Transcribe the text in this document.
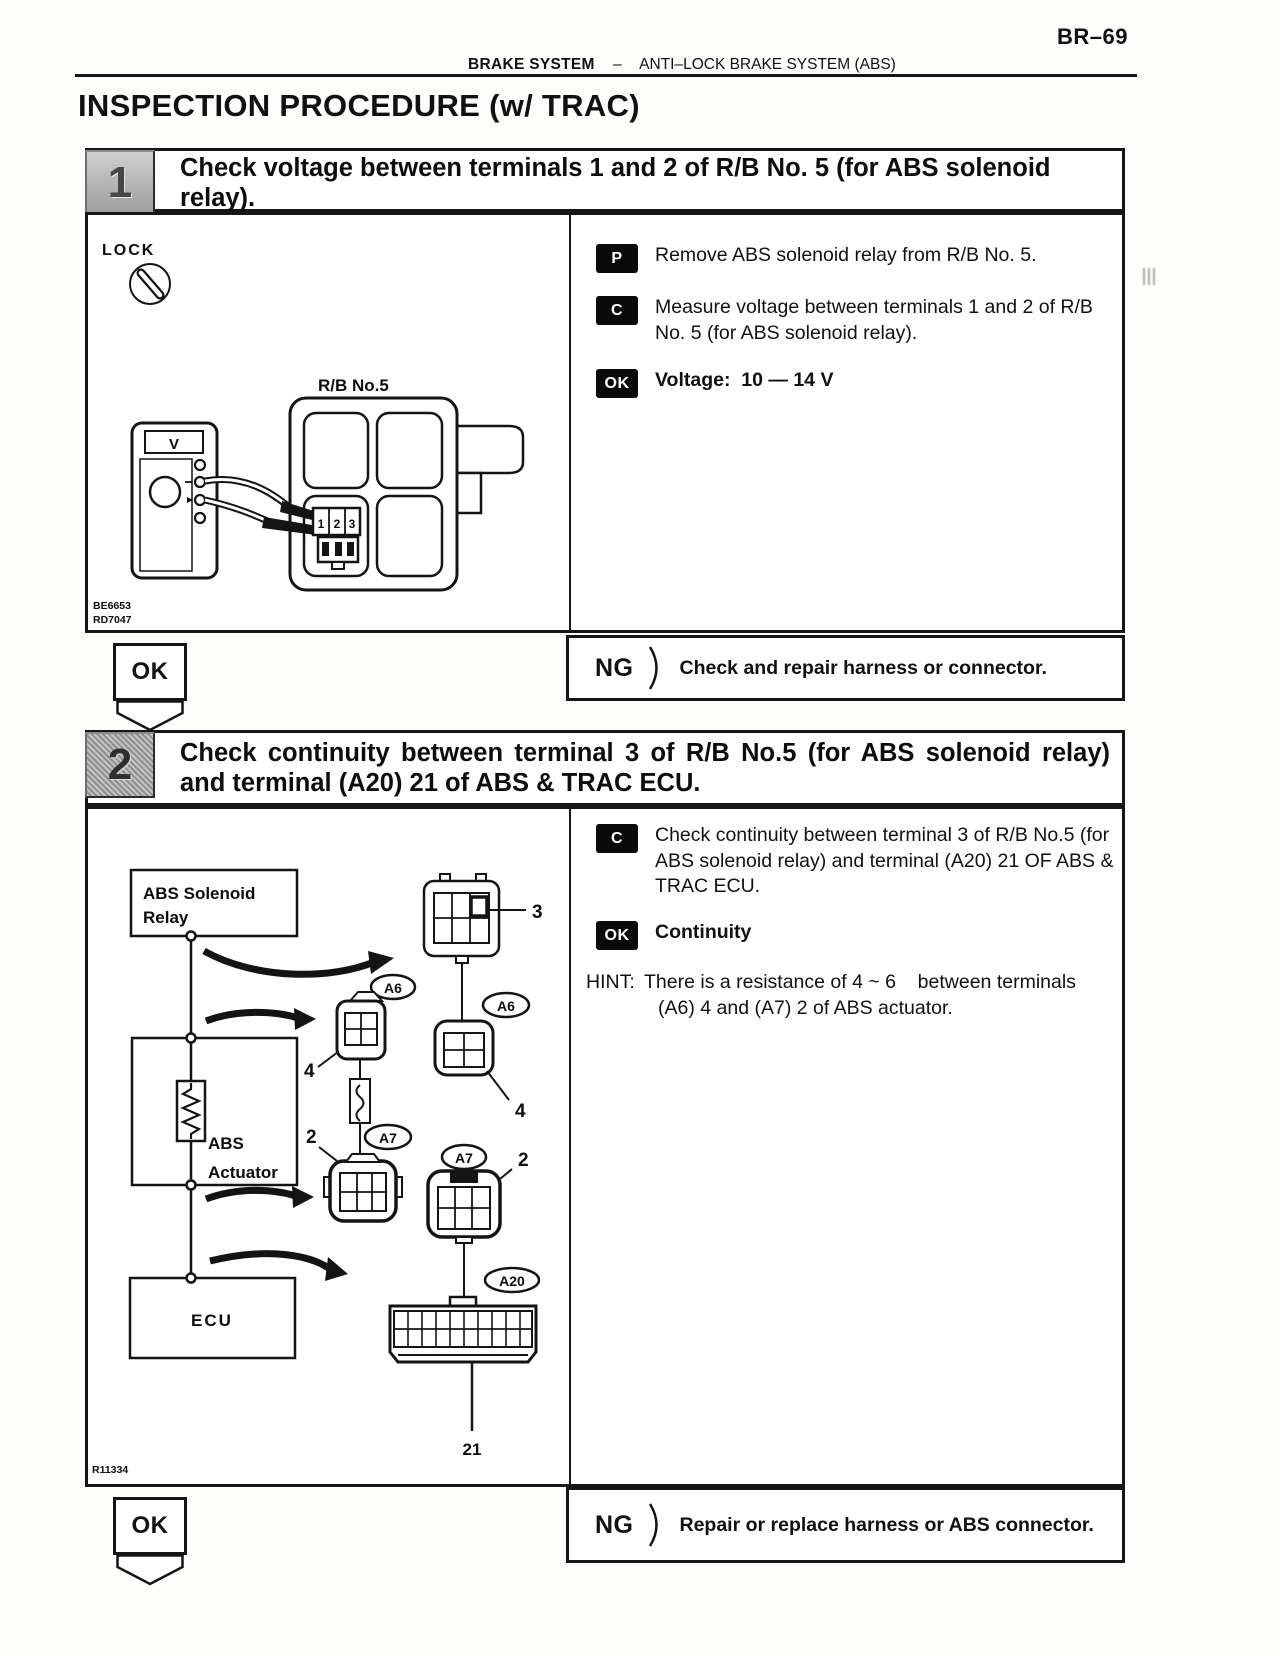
BR–69
BRAKE SYSTEM – ANTI–LOCK BRAKE SYSTEM (ABS)
INSPECTION PROCEDURE (w/ TRAC)
Check voltage between terminals 1 and 2 of R/B No. 5 (for ABS solenoid relay).
1
LOCK
R/B No.5
V
1 2 3
BE6653
RD7047
P	Remove ABS solenoid relay from R/B No. 5.
C	Measure voltage between terminals 1 and 2 of R/B No. 5 (for ABS solenoid relay).
OK	Voltage:  10 — 14 V
OK	NG Check and repair harness or connector.
Check continuity between terminal 3 of R/B No.5 (for ABS solenoid relay) and terminal (A20) 21 of ABS & TRAC ECU.
2
ABS Solenoid
Relay
ABS
Actuator
ECU
3
A6
4
A6
4
A7
2
A7 2
A20
21
R11334
C	Check continuity between terminal 3 of R/B No.5 (for ABS solenoid relay) and terminal (A20) 21 OF ABS & TRAC ECU.
OK	Continuity
HINT: There is a resistance of 4 ~ 6    between terminals
(A6) 4 and (A7) 2 of ABS actuator.
OK	NG Repair or replace harness or ABS connector.
